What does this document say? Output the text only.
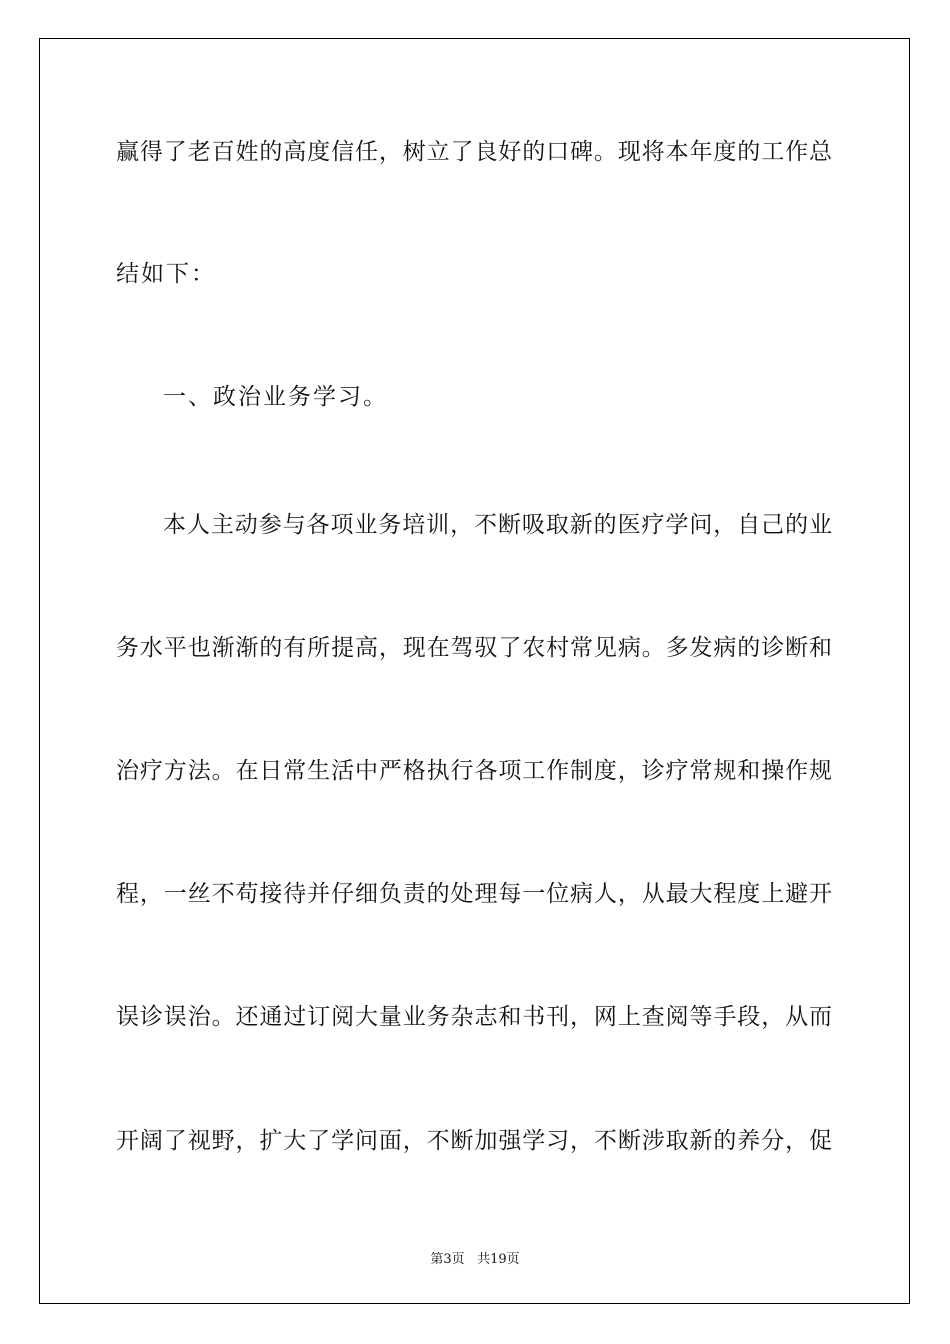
赢得了老百姓的高度信任，树立了良好的口碑。现将本年度的工作总
结如下：
一、政治业务学习。
本人主动参与各项业务培训，不断吸取新的医疗学问，自己的业
务水平也渐渐的有所提高，现在驾驭了农村常见病。多发病的诊断和
治疗方法。在日常生活中严格执行各项工作制度，诊疗常规和操作规
程，一丝不苟接待并仔细负责的处理每一位病人，从最大程度上避开
误诊误治。还通过订阅大量业务杂志和书刊，网上查阅等手段，从而
开阔了视野，扩大了学问面，不断加强学习，不断涉取新的养分，促
第3页 共19页
